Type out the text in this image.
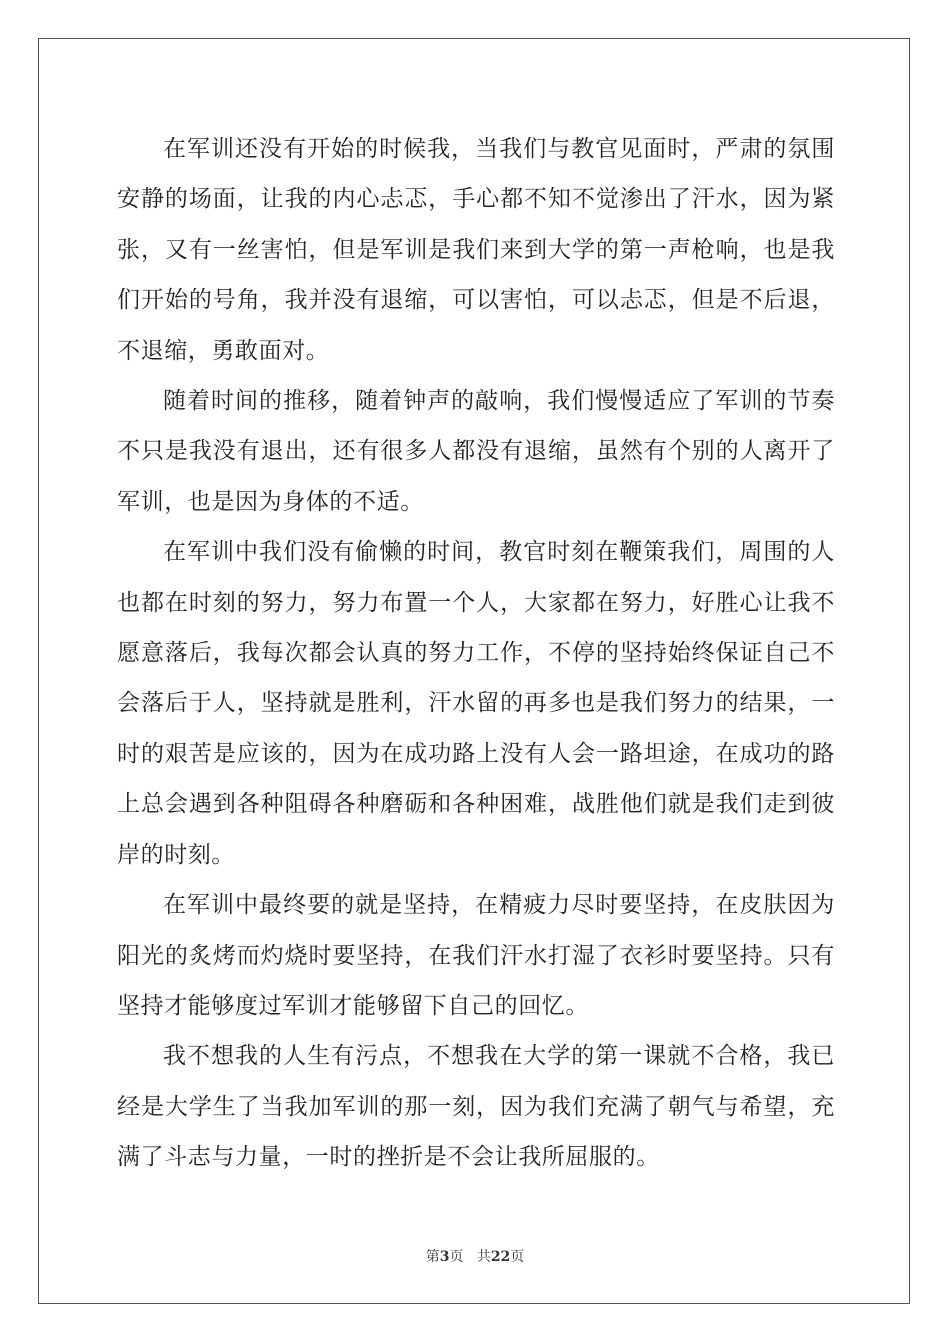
在军训还没有开始的时候我，当我们与教官见面时，严肃的氛围安静的场面，让我的内心忐忑，手心都不知不觉渗出了汗水，因为紧张，又有一丝害怕，但是军训是我们来到大学的第一声枪响，也是我们开始的号角，我并没有退缩，可以害怕，可以忐忑，但是不后退，不退缩，勇敢面对。

随着时间的推移，随着钟声的敲响，我们慢慢适应了军训的节奏不只是我没有退出，还有很多人都没有退缩，虽然有个别的人离开了军训，也是因为身体的不适。

在军训中我们没有偷懒的时间，教官时刻在鞭策我们，周围的人也都在时刻的努力，努力布置一个人，大家都在努力，好胜心让我不愿意落后，我每次都会认真的努力工作，不停的坚持始终保证自己不会落后于人，坚持就是胜利，汗水留的再多也是我们努力的结果，一时的艰苦是应该的，因为在成功路上没有人会一路坦途，在成功的路上总会遇到各种阻碍各种磨砺和各种困难，战胜他们就是我们走到彼岸的时刻。

在军训中最终要的就是坚持，在精疲力尽时要坚持，在皮肤因为阳光的炙烤而灼烧时要坚持，在我们汗水打湿了衣衫时要坚持。只有坚持才能够度过军训才能够留下自己的回忆。

我不想我的人生有污点，不想我在大学的第一课就不合格，我已经是大学生了当我加军训的那一刻，因为我们充满了朝气与希望，充满了斗志与力量，一时的挫折是不会让我所屈服的。

第3页 共22页
